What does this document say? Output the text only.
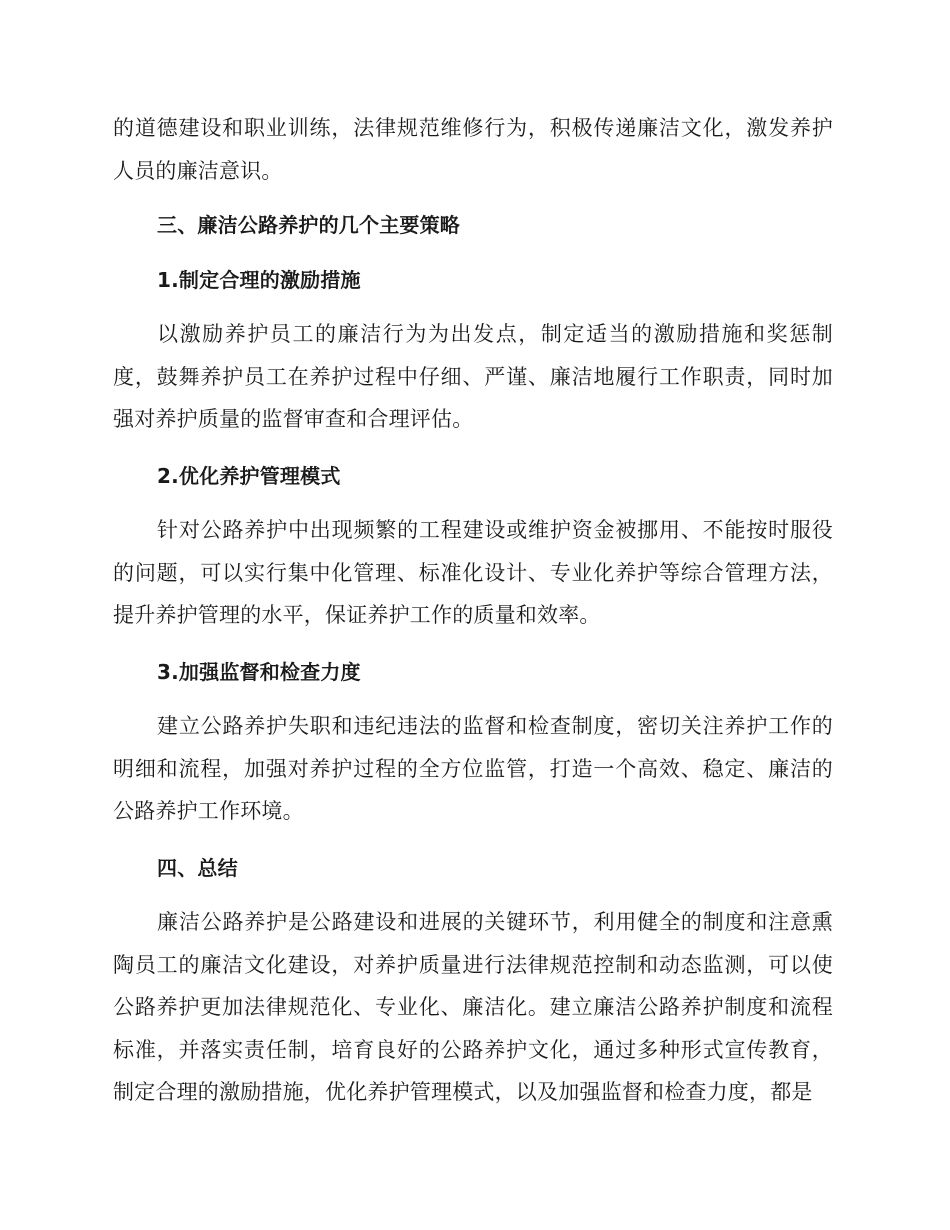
的道德建设和职业训练，法律规范维修行为，积极传递廉洁文化，激发养护人员的廉洁意识。

三、廉洁公路养护的几个主要策略
1.制定合理的激励措施

以激励养护员工的廉洁行为为出发点，制定适当的激励措施和奖惩制度，鼓舞养护员工在养护过程中仔细、严谨、廉洁地履行工作职责，同时加强对养护质量的监督审查和合理评估。

2.优化养护管理模式

针对公路养护中出现频繁的工程建设或维护资金被挪用、不能按时服役的问题，可以实行集中化管理、标准化设计、专业化养护等综合管理方法，提升养护管理的水平，保证养护工作的质量和效率。

3.加强监督和检查力度

建立公路养护失职和违纪违法的监督和检查制度，密切关注养护工作的明细和流程，加强对养护过程的全方位监管，打造一个高效、稳定、廉洁的公路养护工作环境。

四、总结

廉洁公路养护是公路建设和进展的关键环节，利用健全的制度和注意熏陶员工的廉洁文化建设，对养护质量进行法律规范控制和动态监测，可以使公路养护更加法律规范化、专业化、廉洁化。建立廉洁公路养护制度和流程标准，并落实责任制，培育良好的公路养护文化，通过多种形式宣传教育，制定合理的激励措施，优化养护管理模式，以及加强监督和检查力度，都是
